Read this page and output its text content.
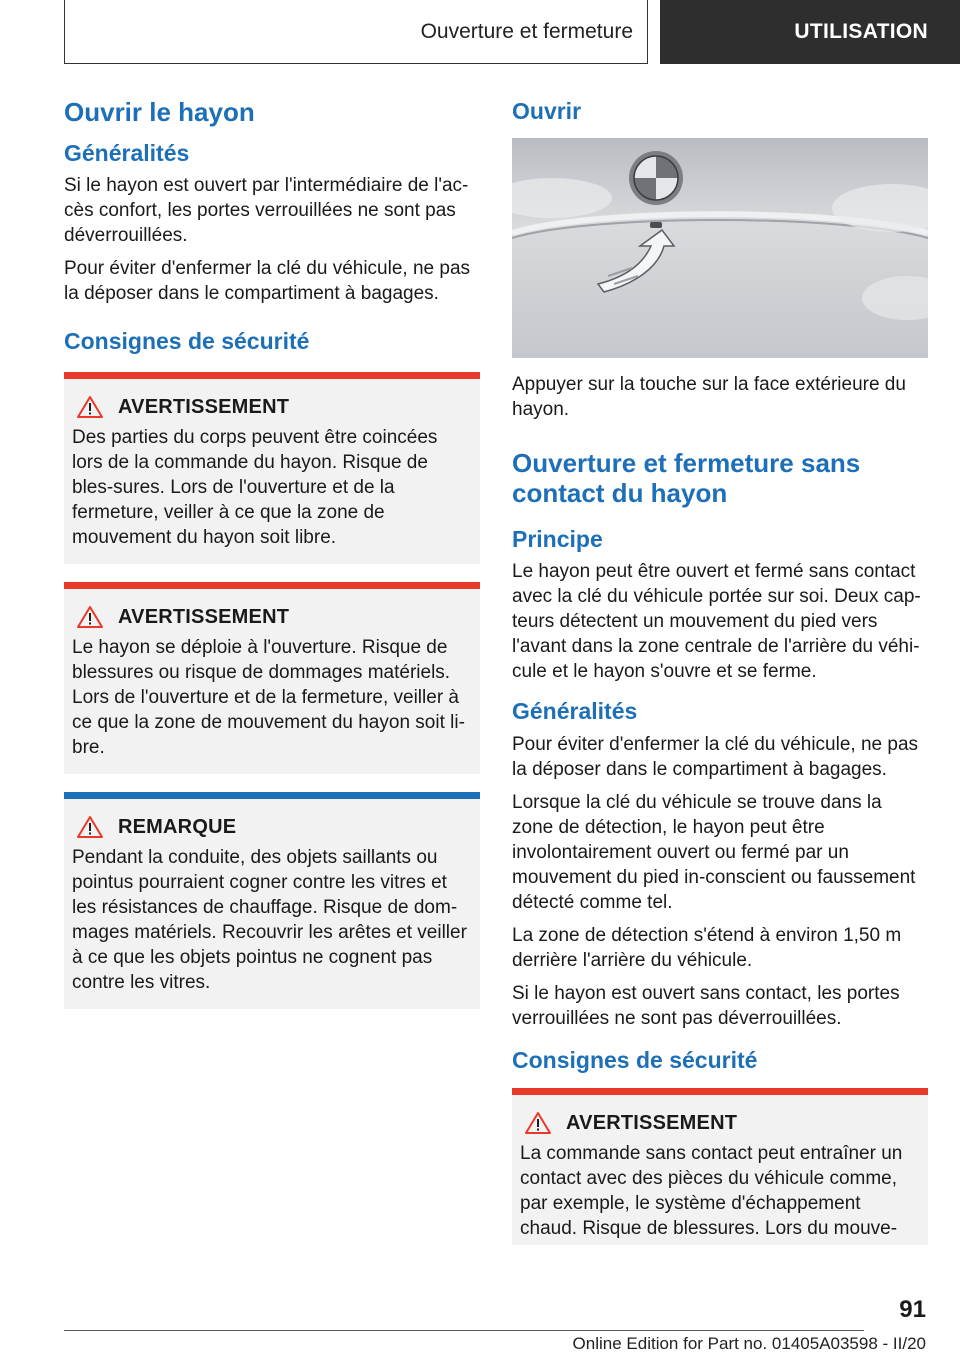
Ouverture et fermeture	UTILISATION
Ouvrir le hayon
Généralités

Si le hayon est ouvert par l'intermédiaire de l'ac-cès confort, les portes verrouillées ne sont pas déverrouillées.

Pour éviter d'enfermer la clé du véhicule, ne pas la déposer dans le compartiment à bagages.

Consignes de sécurité
AVERTISSEMENT

Des parties du corps peuvent être coincées lors de la commande du hayon. Risque de bles-sures. Lors de l'ouverture et de la fermeture, veiller à ce que la zone de mouvement du hayon soit libre.

AVERTISSEMENT

Le hayon se déploie à l'ouverture. Risque de blessures ou risque de dommages matériels. Lors de l'ouverture et de la fermeture, veiller à ce que la zone de mouvement du hayon soit li-bre.

REMARQUE

Pendant la conduite, des objets saillants ou pointus pourraient cogner contre les vitres et les résistances de chauffage. Risque de dom-mages matériels. Recouvrir les arêtes et veiller à ce que les objets pointus ne cognent pas contre les vitres.

Ouvrir

Appuyer sur la touche sur la face extérieure du hayon.

Ouverture et fermeture sans contact du hayon
Principe

Le hayon peut être ouvert et fermé sans contact avec la clé du véhicule portée sur soi. Deux cap-teurs détectent un mouvement du pied vers l'avant dans la zone centrale de l'arrière du véhi-cule et le hayon s'ouvre et se ferme.

Généralités

Pour éviter d'enfermer la clé du véhicule, ne pas la déposer dans le compartiment à bagages.

Lorsque la clé du véhicule se trouve dans la zone de détection, le hayon peut être involontairement ouvert ou fermé par un mouvement du pied in-conscient ou faussement détecté comme tel.

La zone de détection s'étend à environ 1,50 m derrière l'arrière du véhicule.

Si le hayon est ouvert sans contact, les portes verrouillées ne sont pas déverrouillées.

Consignes de sécurité
AVERTISSEMENT

La commande sans contact peut entraîner un contact avec des pièces du véhicule comme, par exemple, le système d'échappement chaud. Risque de blessures. Lors du mouve-

91
Online Edition for Part no. 01405A03598 - II/20
